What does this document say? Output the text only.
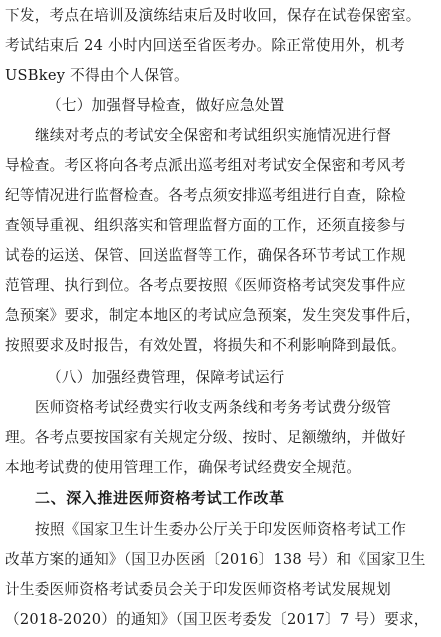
下发，考点在培训及演练结束后及时收回，保存在试卷保密室。
考试结束后 24 小时内回送至省医考办。除正常使用外，机考
USBkey 不得由个人保管。
（七）加强督导检查，做好应急处置
继续对考点的考试安全保密和考试组织实施情况进行督
导检查。考区将向各考点派出巡考组对考试安全保密和考风考
纪等情况进行监督检查。各考点须安排巡考组进行自查，除检
查领导重视、组织落实和管理监督方面的工作，还须直接参与
试卷的运送、保管、回送监督等工作，确保各环节考试工作规
范管理、执行到位。各考点要按照《医师资格考试突发事件应
急预案》要求，制定本地区的考试应急预案，发生突发事件后，
按照要求及时报告，有效处置，将损失和不利影响降到最低。
（八）加强经费管理，保障考试运行
医师资格考试经费实行收支两条线和考务考试费分级管
理。各考点要按国家有关规定分级、按时、足额缴纳，并做好
本地考试费的使用管理工作，确保考试经费安全规范。
二、深入推进医师资格考试工作改革
按照《国家卫生计生委办公厅关于印发医师资格考试工作
改革方案的通知》（国卫办医函〔2016〕138 号）和《国家卫生
计生委医师资格考试委员会关于印发医师资格考试发展规划
（2018-2020）的通知》（国卫医考委发〔2017〕7 号）要求，
